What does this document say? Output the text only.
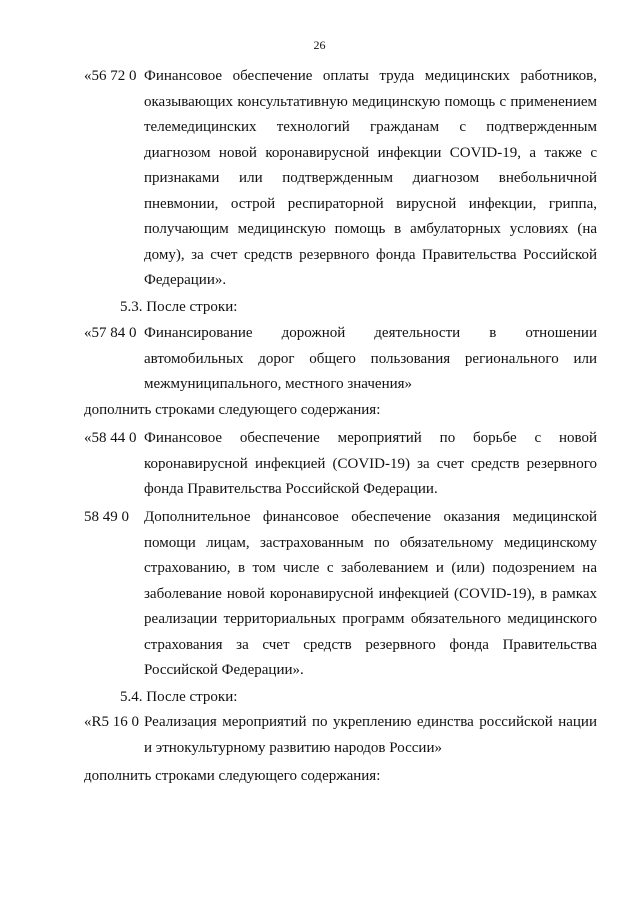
26
«56 72 0 Финансовое обеспечение оплаты труда медицинских работников, оказывающих консультативную медицинскую помощь с применением телемедицинских технологий гражданам с подтвержденным диагнозом новой коронавирусной инфекции COVID-19, а также с признаками или подтвержденным диагнозом внебольничной пневмонии, острой респираторной вирусной инфекции, гриппа, получающим медицинскую помощь в амбулаторных условиях (на дому), за счет средств резервного фонда Правительства Российской Федерации».
5.3. После строки:
«57 84 0 Финансирование дорожной деятельности в отношении автомобильных дорог общего пользования регионального или межмуниципального, местного значения»
дополнить строками следующего содержания:
«58 44 0 Финансовое обеспечение мероприятий по борьбе с новой коронавирусной инфекцией (COVID-19) за счет средств резервного фонда Правительства Российской Федерации.
58 49 0 Дополнительное финансовое обеспечение оказания медицинской помощи лицам, застрахованным по обязательному медицинскому страхованию, в том числе с заболеванием и (или) подозрением на заболевание новой коронавирусной инфекцией (COVID-19), в рамках реализации территориальных программ обязательного медицинского страхования за счет средств резервного фонда Правительства Российской Федерации».
5.4. После строки:
«R5 16 0 Реализация мероприятий по укреплению единства российской нации и этнокультурному развитию народов России»
дополнить строками следующего содержания:
